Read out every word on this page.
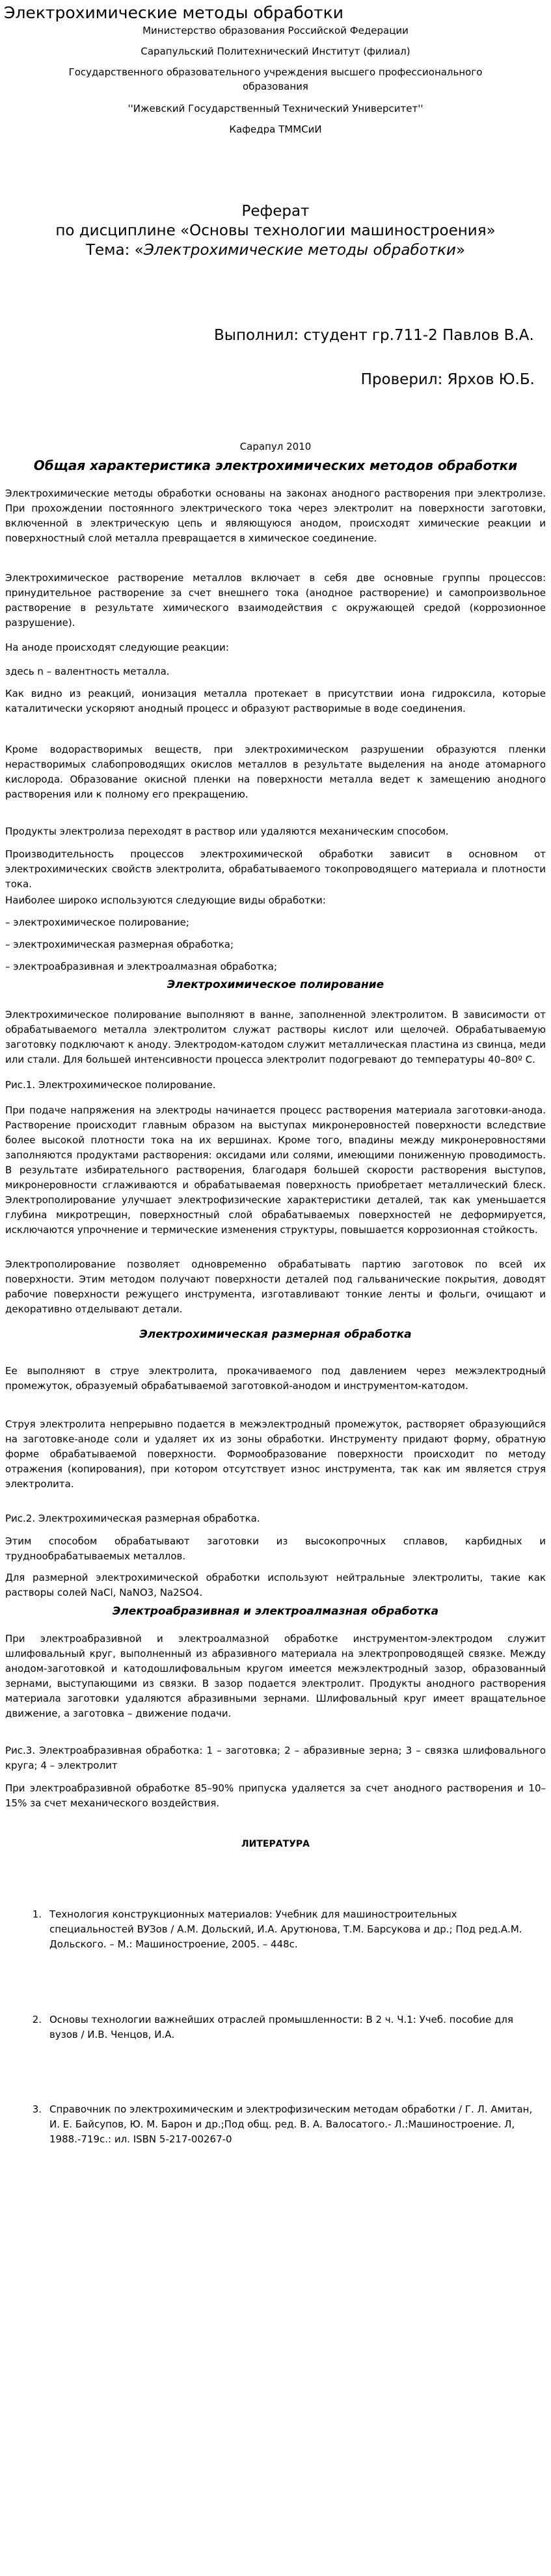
Электрохимические методы обработки
Министерство образования Российской Федерации
Сарапульский Политехнический Институт (филиал)
Государственного образовательного учреждения высшего профессионального образования
''Ижевский Государственный Технический Университет''
Кафедра ТММСиИ
Реферат
по дисциплине «Основы технологии машиностроения»
Тема: «Электрохимические методы обработки»
Выполнил: студент гр.711-2 Павлов В.А.
Проверил: Ярхов Ю.Б.
Сарапул 2010
Общая характеристика электрохимических методов обработки

Электрохимические методы обработки основаны на законах анодного растворения при электролизе. При прохождении постоянного электрического тока через электролит на поверхности заготовки, включенной в электрическую цепь и являющуюся анодом, происходят химические реакции и поверхностный слой металла превращается в химическое соединение.

Электрохимическое растворение металлов включает в себя две основные группы процессов: принудительное растворение за счет внешнего тока (анодное растворение) и самопроизвольное растворение в результате химического взаимодействия с окружающей средой (коррозионное разрушение).

На аноде происходят следующие реакции:

здесь n – валентность металла.

Как видно из реакций, ионизация металла протекает в присутствии иона гидроксила, которые каталитически ускоряют анодный процесс и образуют растворимые в воде соединения.

Кроме водорастворимых веществ, при электрохимическом разрушении образуются пленки нерастворимых слабопроводящих окислов металлов в результате выделения на аноде атомарного кислорода. Образование окисной пленки на поверхности металла ведет к замещению анодного растворения или к полному его прекращению.

Продукты электролиза переходят в раствор или удаляются механическим способом.

Производительность процессов электрохимической обработки зависит в основном от электрохимических свойств электролита, обрабатываемого токопроводящего материала и плотности тока.

Наиболее широко используются следующие виды обработки:

– электрохимическое полирование;

– электрохимическая размерная обработка;

– электроабразивная и электроалмазная обработка;

Электрохимическое полирование

Электрохимическое полирование выполняют в ванне, заполненной электролитом. В зависимости от обрабатываемого металла электролитом служат растворы кислот или щелочей. Обрабатываемую заготовку подключают к аноду. Электродом-катодом служит металлическая пластина из свинца, меди или стали. Для большей интенсивности процесса электролит подогревают до температуры 40–80º С.

Рис.1. Электрохимическое полирование.

При подаче напряжения на электроды начинается процесс растворения материала заготовки-анода. Растворение происходит главным образом на выступах микронеровностей поверхности вследствие более высокой плотности тока на их вершинах. Кроме того, впадины между микронеровностями заполняются продуктами растворения: оксидами или солями, имеющими пониженную проводимость. В результате избирательного растворения, благодаря большей скорости растворения выступов, микронеровности сглаживаются и обрабатываемая поверхность приобретает металлический блеск. Электрополирование улучшает электрофизические характеристики деталей, так как уменьшается глубина микротрещин, поверхностный слой обрабатываемых поверхностей не деформируется, исключаются упрочнение и термические изменения структуры, повышается коррозионная стойкость.

Электрополирование позволяет одновременно обрабатывать партию заготовок по всей их поверхности. Этим методом получают поверхности деталей под гальванические покрытия, доводят рабочие поверхности режущего инструмента, изготавливают тонкие ленты и фольги, очищают и декоративно отделывают детали.

Электрохимическая размерная обработка

Ее выполняют в струе электролита, прокачиваемого под давлением через межэлектродный промежуток, образуемый обрабатываемой заготовкой-анодом и инструментом-катодом.

Струя электролита непрерывно подается в межэлектродный промежуток, растворяет образующийся на заготовке-аноде соли и удаляет их из зоны обработки. Инструменту придают форму, обратную форме обрабатываемой поверхности. Формообразование поверхности происходит по методу отражения (копирования), при котором отсутствует износ инструмента, так как им является струя электролита.

Рис.2. Электрохимическая размерная обработка.

Этим способом обрабатывают заготовки из высокопрочных сплавов, карбидных и труднообрабатываемых металлов.

Для размерной электрохимической обработки используют нейтральные электролиты, такие как растворы солей NaCl, NaNO3, Na2SO4.

Электроабразивная и электроалмазная обработка

При электроабразивной и электроалмазной обработке инструментом-электродом служит шлифовальный круг, выполненный из абразивного материала на электропроводящей связке. Между анодом-заготовкой и катодошлифовальным кругом имеется межэлектродный зазор, образованный зернами, выступающими из связки. В зазор подается электролит. Продукты анодного растворения материала заготовки удаляются абразивными зернами. Шлифовальный круг имеет вращательное движение, а заготовка – движение подачи.

Рис.3. Электроабразивная обработка: 1 – заготовка; 2 – абразивные зерна; 3 – связка шлифовального круга; 4 – электролит

При электроабразивной обработке 85–90% припуска удаляется за счет анодного растворения и 10–15% за счет механического воздействия.

ЛИТЕРАТУРА
1. Технология конструкционных материалов: Учебник для машиностроительных специальностей ВУЗов / А.М. Дольский, И.А. Арутюнова, Т.М. Барсукова и др.; Под ред.А.М. Дольского. – М.: Машиностроение, 2005. – 448с.
2. Основы технологии важнейших отраслей промышленности: В 2 ч. Ч.1: Учеб. пособие для вузов / И.В. Ченцов, И.А.
3. Справочник по электрохимическим и электрофизическим методам обработки / Г. Л. Амитан, И. Е. Байсупов, Ю. М. Барон и др.;Под общ. ред. В. А. Валосатого.- Л.:Машиностроение. Л, 1988.-719с.: ил. ISBN 5-217-00267-0
